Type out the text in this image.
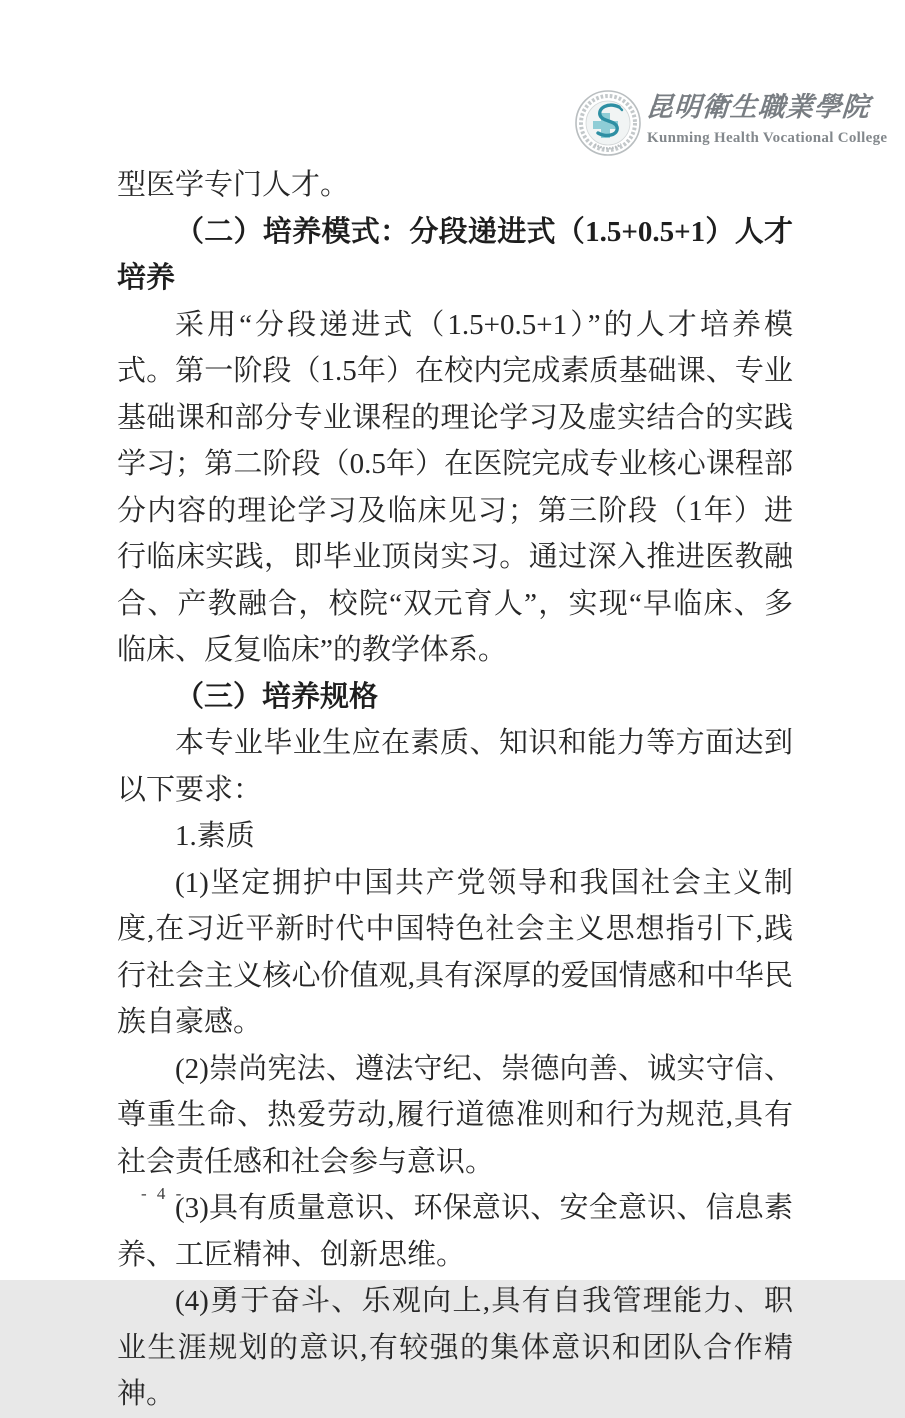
昆明衛生職業學院
Kunming Health Vocational College

型医学专门人才。

（二）培养模式：分段递进式（1.5+0.5+1）人才培养

采用“分段递进式（1.5+0.5+1）”的人才培养模式。第一阶段（1.5年）在校内完成素质基础课、专业基础课和部分专业课程的理论学习及虚实结合的实践学习；第二阶段（0.5年）在医院完成专业核心课程部分内容的理论学习及临床见习；第三阶段（1年）进行临床实践，即毕业顶岗实习。通过深入推进医教融合、产教融合，校院“双元育人”，实现“早临床、多临床、反复临床”的教学体系。

（三）培养规格

本专业毕业生应在素质、知识和能力等方面达到以下要求：

1.素质

(1)坚定拥护中国共产党领导和我国社会主义制度,在习近平新时代中国特色社会主义思想指引下,践行社会主义核心价值观,具有深厚的爱国情感和中华民族自豪感。

(2)崇尚宪法、遵法守纪、崇德向善、诚实守信、尊重生命、热爱劳动,履行道德准则和行为规范,具有社会责任感和社会参与意识。

(3)具有质量意识、环保意识、安全意识、信息素养、工匠精神、创新思维。

(4)勇于奋斗、乐观向上,具有自我管理能力、职业生涯规划的意识,有较强的集体意识和团队合作精神。

- 4 -
